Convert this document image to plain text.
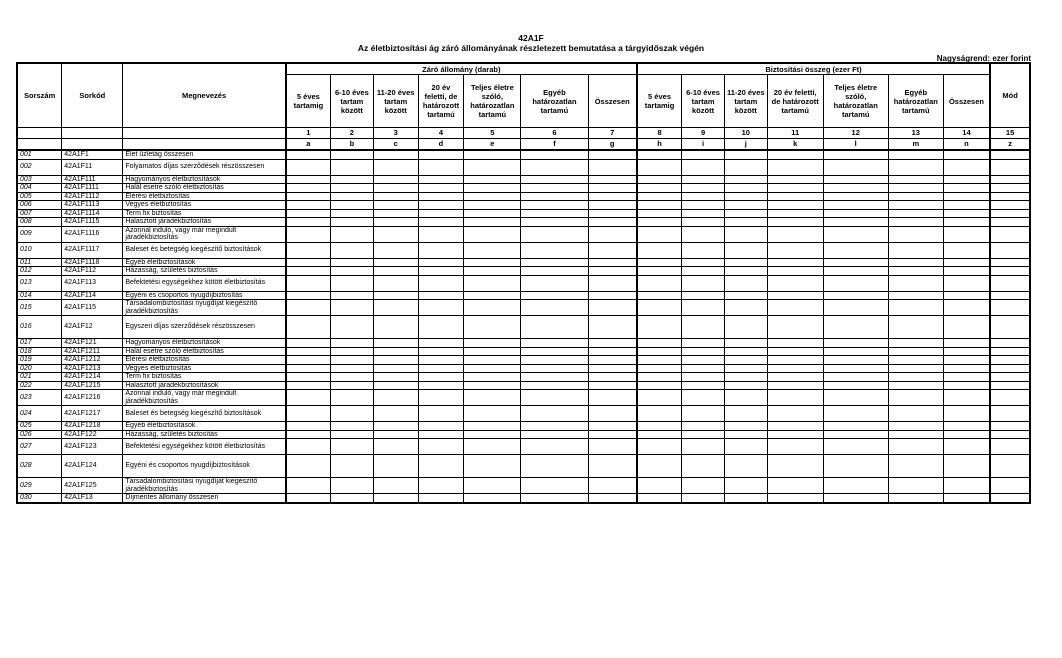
42A1F
Az életbiztosítási ág záró állományának részletezett bemutatása a tárgyidőszak végén
Nagyságrend: ezer forint
Sorszám	Sorkód	Megnevezés	Záró állomány (darab)							Biztosítási összeg (ezer Ft)							Mód
			5 éves tartamig	6-10 éves tartam között	11-20 éves tartam között	20 év feletti, de határozott tartamú	Teljes életre szóló, határozatlan tartamú	Egyéb határozatlan tartamú	Összesen	5 éves tartamig	6-10 éves tartam között	11-20 éves tartam között	20 év feletti, de határozott tartamú	Teljes életre szóló, határozatlan tartamú	Egyéb határozatlan tartamú	Összesen	
			1	2	3	4	5	6	7	8	9	10	11	12	13	14	15
			a	b	c	d	e	f	g	h	i	j	k	l	m	n	z
001	42A1F1	Élet üzletág összesen															
002	42A1F11	Folyamatos díjas szerződések részösszesen															
003	42A1F111	Hagyományos életbiztosítások															
004	42A1F1111	Halál esetre szóló életbiztosítás															
005	42A1F1112	Elérési életbiztosítás															
006	42A1F1113	Vegyes életbiztosítás															
007	42A1F1114	Term fix biztosítás															
008	42A1F1115	Halasztott járadékbiztosítás															
009	42A1F1116	Azonnal induló, vagy már megindult járadékbiztosítás															
010	42A1F1117	Baleset és betegség kiegészítő biztosítások															
011	42A1F1118	Egyéb életbiztosítások															
012	42A1F112	Házasság, születés biztosítás															
013	42A1F113	Befektetési egységekhez kötött életbiztosítás															
014	42A1F114	Egyéni és csoportos nyugdíjbiztosítás															
015	42A1F115	Társadalombiztosítási nyugdíjat kiegészítő járadékbiztosítás															
016	42A1F12	Egyszeri díjas szerződések részösszesen															
017	42A1F121	Hagyományos életbiztosítások															
018	42A1F1211	Halál esetre szóló életbiztosítás															
019	42A1F1212	Elérési életbiztosítás															
020	42A1F1213	Vegyes életbiztosítás															
021	42A1F1214	Term fix biztosítás															
022	42A1F1215	Halasztott járadékbiztosítások															
023	42A1F1216	Azonnal induló, vagy már megindult járadékbiztosítás															
024	42A1F1217	Baleset és betegség kiegészítő biztosítások															
025	42A1F1218	Egyéb életbiztosítások															
026	42A1F122	Házasság, születés biztosítás															
027	42A1F123	Befektetési egységekhez kötött életbiztosítás															
028	42A1F124	Egyéni és csoportos nyugdíjbiztosítások															
029	42A1F125	Társadalombiztosítási nyugdíjat kiegészítő járadékbiztosítás															
030	42A1F13	Díjmentes állomány összesen															
